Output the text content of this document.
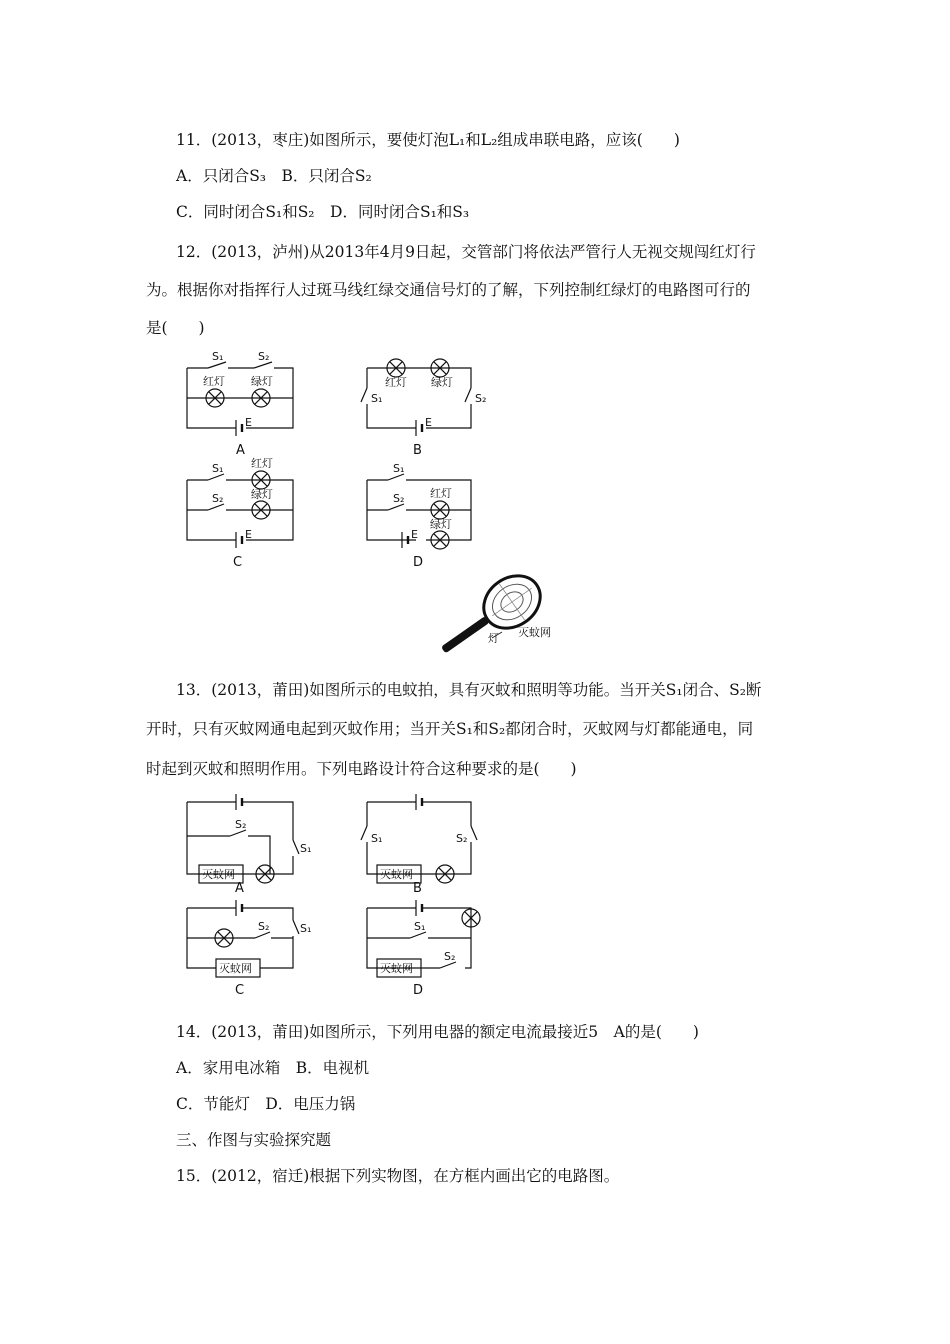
11．(2013，枣庄)如图所示，要使灯泡L₁和L₂组成串联电路，应该(　　)
A．只闭合S₃　B．只闭合S₂
C．同时闭合S₁和S₂　D．同时闭合S₁和S₃
12．(2013，泸州)从2013年4月9日起，交管部门将依法严管行人无视交规闯红灯行
为。根据你对指挥行人过斑马线红绿交通信号灯的了解，下列控制红绿灯的电路图可行的
是(　　)
S₁	S₂
红灯 绿灯
E
A
红灯 绿灯
S₁	S₂
E
B
S₁
S₂
红灯
绿灯
E
C
S₁
S₂ 红灯
绿灯
E
D
灯 灭蚊网
13．(2013，莆田)如图所示的电蚊拍，具有灭蚊和照明等功能。当开关S₁闭合、S₂断
开时，只有灭蚊网通电起到灭蚊作用；当开关S₁和S₂都闭合时，灭蚊网与灯都能通电，同
时起到灭蚊和照明作用。下列电路设计符合这种要求的是(　　)
S₂
S₁
灭蚊网
A
S₁	S₂
灭蚊网
B
S₂	S₁
灭蚊网
C
S₁
S₂
灭蚊网
D
14．(2013，莆田)如图所示，下列用电器的额定电流最接近5　A的是(　　)
A．家用电冰箱　B．电视机
C．节能灯　D．电压力锅
三、作图与实验探究题
15．(2012，宿迁)根据下列实物图，在方框内画出它的电路图。
